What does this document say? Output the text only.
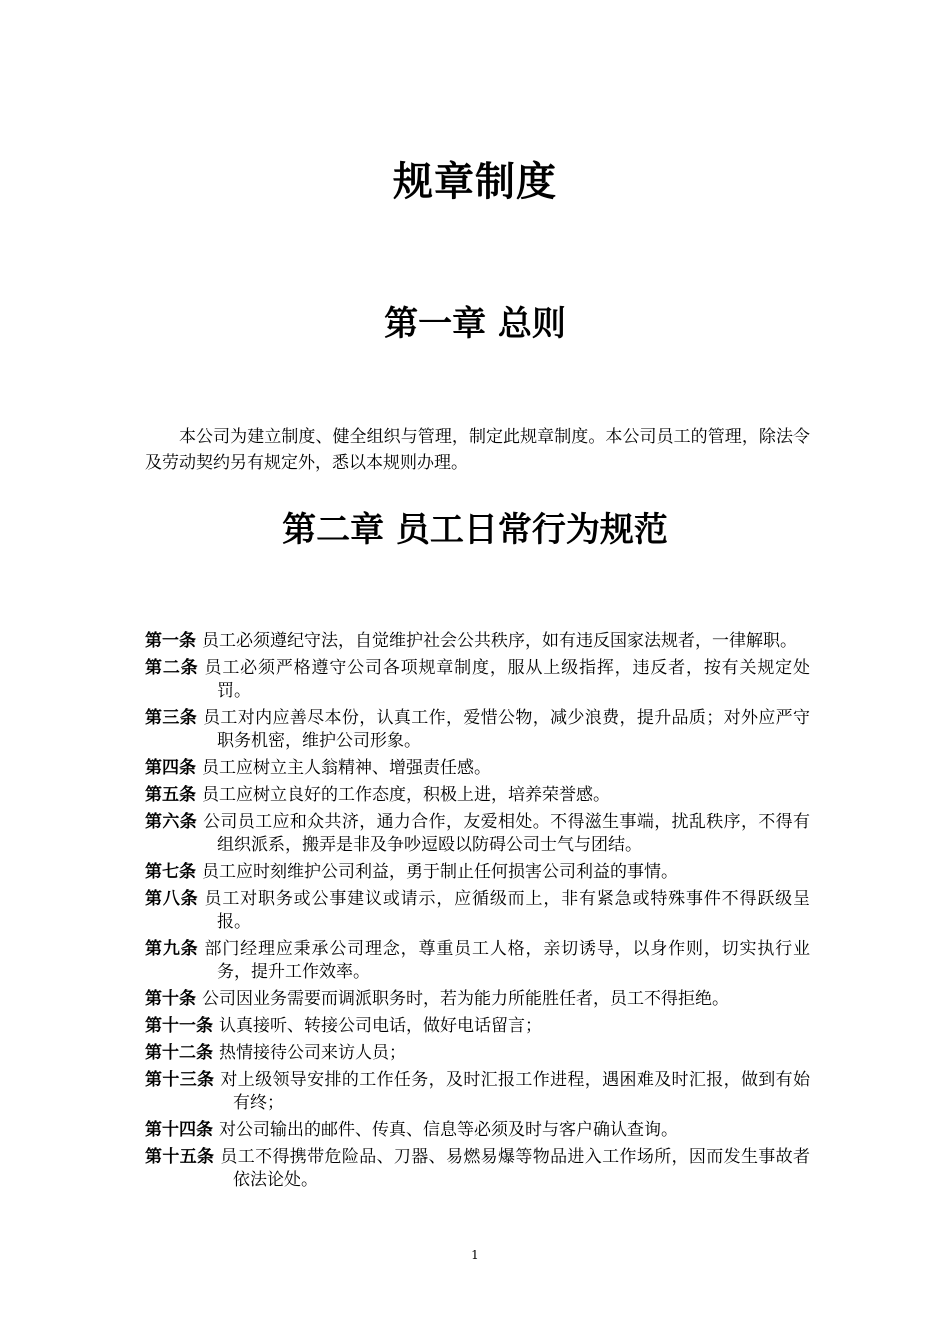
规章制度
第一章 总则

本公司为建立制度、健全组织与管理，制定此规章制度。本公司员工的管理，除法令及劳动契约另有规定外，悉以本规则办理。

第二章 员工日常行为规范
第一条 员工必须遵纪守法，自觉维护社会公共秩序，如有违反国家法规者，一律解职。
第二条 员工必须严格遵守公司各项规章制度，服从上级指挥，违反者，按有关规定处罚。
第三条 员工对内应善尽本份，认真工作，爱惜公物，减少浪费，提升品质；对外应严守职务机密，维护公司形象。
第四条 员工应树立主人翁精神、增强责任感。
第五条 员工应树立良好的工作态度，积极上进，培养荣誉感。
第六条 公司员工应和众共济，通力合作，友爱相处。不得滋生事端，扰乱秩序，不得有组织派系，搬弄是非及争吵逗殴以防碍公司士气与团结。
第七条 员工应时刻维护公司利益，勇于制止任何损害公司利益的事情。
第八条 员工对职务或公事建议或请示，应循级而上，非有紧急或特殊事件不得跃级呈报。
第九条 部门经理应秉承公司理念，尊重员工人格，亲切诱导，以身作则，切实执行业务，提升工作效率。
第十条 公司因业务需要而调派职务时，若为能力所能胜任者，员工不得拒绝。
第十一条 认真接听、转接公司电话，做好电话留言；
第十二条 热情接待公司来访人员；
第十三条 对上级领导安排的工作任务，及时汇报工作进程，遇困难及时汇报，做到有始有终；
第十四条 对公司输出的邮件、传真、信息等必须及时与客户确认查询。
第十五条 员工不得携带危险品、刀器、易燃易爆等物品进入工作场所，因而发生事故者依法论处。
1
